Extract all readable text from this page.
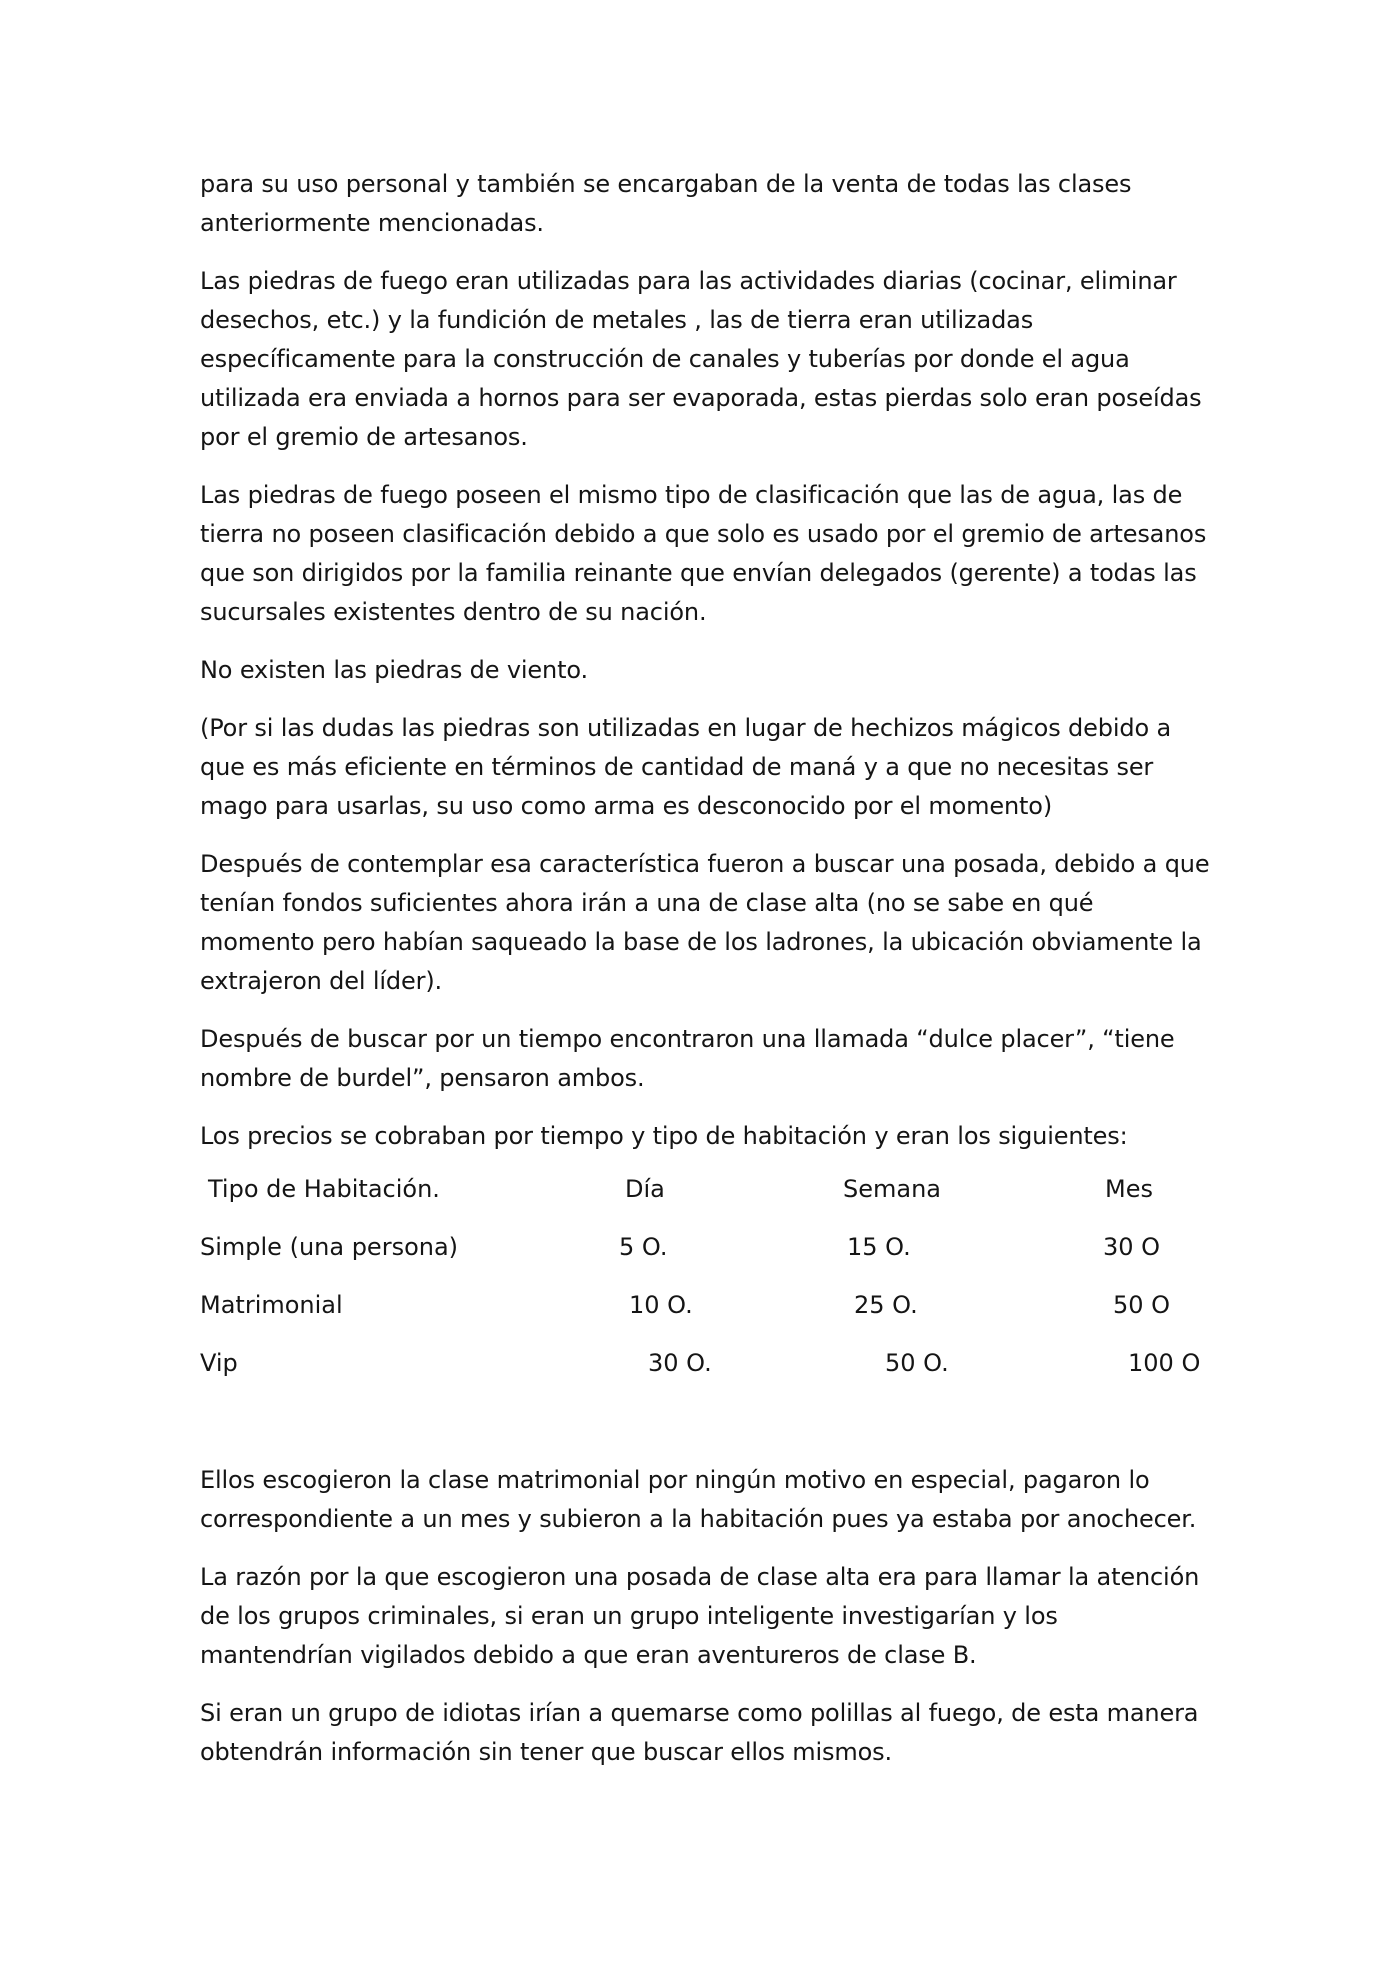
para su uso personal y también se encargaban de la venta de todas las clases anteriormente mencionadas.

Las piedras de fuego eran utilizadas para las actividades diarias (cocinar, eliminar desechos, etc.) y la fundición de metales , las de tierra eran utilizadas específicamente para la construcción de canales y tuberías por donde el agua utilizada era enviada a hornos para ser evaporada, estas pierdas solo eran poseídas por el gremio de artesanos.

Las piedras de fuego poseen el mismo tipo de clasificación que las de agua, las de tierra no poseen clasificación debido a que solo es usado por el gremio de artesanos que son dirigidos por la familia reinante que envían delegados (gerente) a todas las sucursales existentes dentro de su nación.

No existen las piedras de viento.

(Por si las dudas las piedras son utilizadas en lugar de hechizos mágicos debido a que es más eficiente en términos de cantidad de maná y a que no necesitas ser mago para usarlas, su uso como arma es desconocido por el momento)

Después de contemplar esa característica fueron a buscar una posada, debido a que tenían fondos suficientes ahora irán a una de clase alta (no se sabe en qué momento pero habían saqueado la base de los ladrones, la ubicación obviamente la extrajeron del líder).

Después de buscar por un tiempo encontraron una llamada “dulce placer”, “tiene nombre de burdel”, pensaron ambos.

Los precios se cobraban por tiempo y tipo de habitación y eran los siguientes:

Tipo de Habitación.	Día	Semana	Mes
Simple (una persona)	5 O.	15 O.	30 O
Matrimonial	10 O.	25 O.	50 O
Vip	30 O.	50 O.	100 O

Ellos escogieron la clase matrimonial por ningún motivo en especial, pagaron lo correspondiente a un mes y subieron a la habitación pues ya estaba por anochecer.

La razón por la que escogieron una posada de clase alta era para llamar la atención de los grupos criminales, si eran un grupo inteligente investigarían y los mantendrían vigilados debido a que eran aventureros de clase B.

Si eran un grupo de idiotas irían a quemarse como polillas al fuego, de esta manera obtendrán información sin tener que buscar ellos mismos.
